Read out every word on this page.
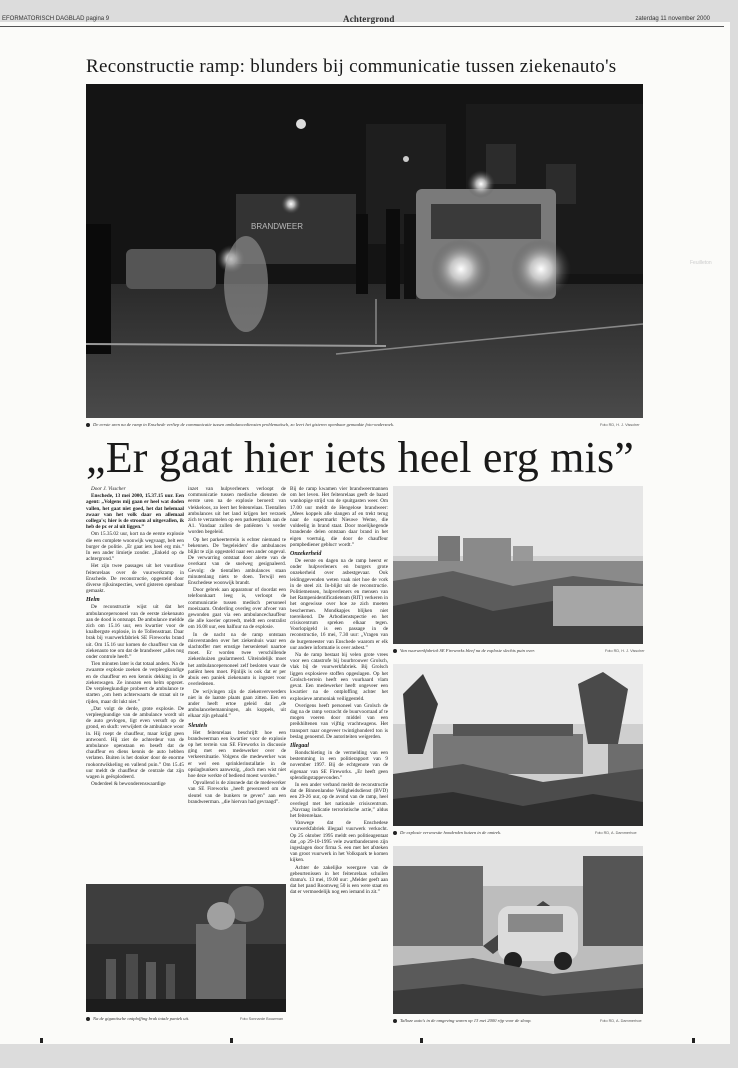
EFORMATORISCH DAGBLAD pagina 9	Achtergrond	zaterdag 11 november 2000
Reconstructie ramp: blunders bij communicatie tussen ziekenauto's
BRANDWEER
De eerste uren na de ramp in Enschede verliep de communicatie tussen ambulancediensten problematisch, zo leert het gisteren openbaar gemaakte foto-onderzoek.	Foto RD, H. J. Visscher
„Er gaat hier iets heel erg mis”

Door J. Visscher

Enschede, 13 mei 2000, 15.37.15 uur. Een agent: „Volgens mij gaan er heel wat doden vallen, het gaat niet goed, het dat helemaal zwaar van het volk daar en allemaal collega's; hier is de stroom al uitgevallen, ik heb de pc er al uit liggen.”

Om 15.35.02 uur, kort na de eerste explosie die een complete woonwijk wegvaagt, belt een burger de politie. „Er gaat iets heel erg mis.” In een ander limietje zonder. „Enkeld op de achtergrond.”

Het zijn twee passages uit het vuurdisse feitenrelaas over de vuurwerkramp in Enschede. De reconstructie, opgesteld door diverse rijksinspecties, werd gisteren openbaar gemaakt.

Helm

De reconstructie wijst uit dat het ambulancepersoneel van de eerste ziekenauto aan de dood is ontsnapt. De ambulance meldde zich om 15.16 uur, een kwartier voor de knalbergste explosie, in de Tollensstraat. Daar brak bij vuurwerkfabriek SE Fireworks brand uit. Om 15.16 uur komen de chauffeur van de ziekenauto toe om dat de brandweer „alles nog onder controle heeft.”

Tien minuten later is dat totaal anders. Na de zwaarste explosie zoeken de verpleegkundige en de chauffeur en een kennis dekking in de ziekenwagen. Ze innozen een helm opgezet. De verpleegkundige probeert de ambulance te starten „om hem achterwaarts de straat uit te rijden, maar dit lukt niet.”

„Dat volgt de derde, grote explosie. De verpleegkundige van de ambulance wordt uit de auto gevlogen, ligt even versuft op de grond, en skuft: verwijdert de ambulance woor in. Hij roept de chauffeur, maar krijgt geen antwoord. Hij ziet de achterdeur van de ambulance openstaan en beseft dat de chauffeur en diens kennis de auto hebben verlaten. Buiten is het donker door de enorme rookontwikkeling en vallend puin.” Om 15.45 uur meldt de chauffeur de centrale dat zijn wagen is geëxplodeerd.

Onderdeel & bewonderenswaardige

inzet van hulpverleners verloopt de communicatie tussen medische diensten de eerste uren na de explosie beroerd: van vlekkeloos, zo leert het feitenrelaas. Tientallen ambulances uit het land krijgen het verzoek zich te verzamelen op een parkeerplaats aan de A1. Vandaar zullen de patiënten 's verder worden begeleid.

Op het parkeerterrein is echter niemand te bekennen. De 'begeleiders' die ambulances blijkt te zijn opgesteld naar een ander ongeval. De verwarring ontstaat door alerte van de overkant van de snelweg gesignaleerd. Gevolg: de tientallen ambulances staan minutenlang niets te doen. Terwijl een Enschedese woonwijk brandt.

Door gebrek aan apparatuur of doordat een telefoonkaart leeg is, verloopt de communicatie tussen medisch personeel moeizaam. Onderling overleg over afvoer van gewonden gaat via een ambulancechauffeur die alle koerier optreedt, meldt een centralist om 16.08 uur, een halfuur na de explosie.

In de nacht na de ramp ontstaan misverstanden over het ziekenhuis waar een slachtoffer met ernstige hersenletsel naartoe moet. Er worden twee verschillende ziekenhuizen gealarmeerd. Uiteindelijk moet het ambulancepersoneel zelf besloten waar de patiënt heen moet. Pijnlijk is ook dat er per abuis een paniek ziekenauto is ingezet voor overledenen.

De wrijvingen zijn de ziekenvervoerders niet in de laatste plaats gaan zitten. Een en ander heeft ertoe geleid dat „de ambulancebemanningen, als koppels, uit elkaar zijn gehaald.”

Sleutels

Het feitenrelaas beschrijft hoe een brandweerman een kwartier voor de explosie op het terrein van SE Fireworks in discussie ging met een medewerker over de verkeersituatie. Volgens die medewerker was er wel een sprinklerinstallatie in de opslagbunkers aanwezig, „doch men wist niet hoe deze werkte of bediend moest worden.”

Opvallend is de zinsnede dat de medewerker van SE Fireworks „heeft gewezeerd om de sleutel van de bunkers te geven” aan een brandweerman. „die hiervan had gevraagd”.

Bij de ramp kwamen vier brandweermannen om het leven. Het feitenrelaas geeft de baard wanhopige strijd van de spuitgasten weer. Om 17.00 uur meldt de Hengelose brandweer: „Mees koppels alle slangen af en trekt terug naar de supermarkt Nieuwe Weme, die vuldeelig in brand staat. Door moelijkegende brandende delen ontstaan daar brand in het eigen voertuig, die door de chauffeur pompbediener gebluст wordt.”

Onzekerheid

De eerste en dagen na de ramp heerst er onder hulpverleners en burgers grote onzekerheid over asbestgevaar. Ook leidinggevenden weten vaak niet hoe de vork in de steel zit. In-blijkt uit de reconstructie. Politiemensen, hulpverleners en mensen van het Rampenidentificatieteam (RIT) verkeren in het ongewisse over hoe ze zich moeten beschermen. Mondkapjes blijken niet toereikend. De Arbodienstspectie en het crisiscentrum spreken elkaar tegen. Voorlopigeld is een passage in de reconstructie, 16 mei, 7.30 uur: „Vragen van de burgemeester van Enschede waarom er elk uur andere informatie is over asbest.”

Na de ramp bestaat bij velen grote vrees voor een catastrofe bij buurbrouwer Grolsch, vlak bij de vuurwerkfabriek. Bij Grolsch liggen explosieve stoffen opgeslagen. Op het Grolsch-terrein heeft een vuurhaard vlam gevat. Een medewerker heeft ongeveer een kwartier na de ontploffing achter het explosieve ammoniak veiliggesteld.

Overigens heeft personeel van Grolsch de dag na de ramp verzocht de buurvoorraad af te mogen voeren door middel van een preikhiltenen van vijftig vrachtwagens. Het transport naar ongeveer twintighonderd ton is beslag genoemd. De autoriteiten weigerden.

Illegaal

Rondschieting in de vermelding van een bestemming in een politierapport van 9 november 1997. Bij de echtgenote van de eigenaar van SE Fireworks. „Er heeft geen splendingstappevonden.”

In een ander verband meldt de reconstructie dat de Binnenlandse Veiligheidsdienst (BVD) een 29-26 uur, op de avond van de ramp, heel overlegd met het nationale crisiscentrum. „Navraag indicatie terroristische actie,” aldus het feitenrelaas.

Vanwege dat de Enschedese vuurwerkfabriek illegaal vuurwerk verkocht. Op 25 oktober 1995 meldt een politieagentaat dat „op 29-10-1995 vele zwartbanderaren zijn ingeslagen door firma S. een met het afsteken van groot vuurwerk in het Volkspark te komen kijken.

Achter de zakelijke weergave van de gebeurtenissen in het feitenrelaas schuilen drama's. 13 mei, 19.00 uur: „Melder geeft aan dat het pand Roomweg 50 is een were staat en dat er vermoedelijk nog een iemand in zit.”

Na de gigantische ontploffing brak totale paniek uit.	Foto Sonnarde Bouwman
Van vuurwerkfabriek SE Fireworks bleef na de explosie slechts puin over.	Foto RD, H. J. Visscher
De explosie verwoestte honderden huizen in de omtrek.	Foto RD, A. Dammerhoe
Talloze auto's in de omgeving waren op 13 mei 2000 rijp voor de sloop.	Foto RD, A. Dammerhoe
Feuilleton
